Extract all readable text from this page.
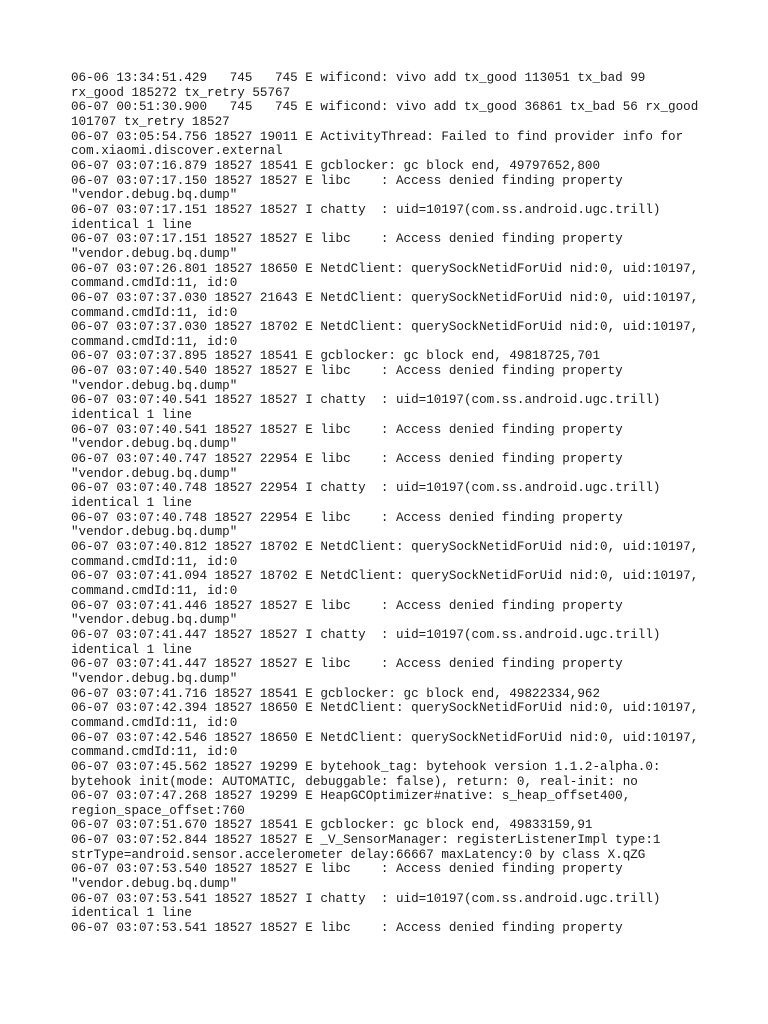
06-06 13:34:51.429   745   745 E wificond: vivo add tx_good 113051 tx_bad 99
rx_good 185272 tx_retry 55767
06-07 00:51:30.900   745   745 E wificond: vivo add tx_good 36861 tx_bad 56 rx_good
101707 tx_retry 18527
06-07 03:05:54.756 18527 19011 E ActivityThread: Failed to find provider info for
com.xiaomi.discover.external
06-07 03:07:16.879 18527 18541 E gcblocker: gc block end, 49797652,800
06-07 03:07:17.150 18527 18527 E libc    : Access denied finding property
"vendor.debug.bq.dump"
06-07 03:07:17.151 18527 18527 I chatty  : uid=10197(com.ss.android.ugc.trill)
identical 1 line
06-07 03:07:17.151 18527 18527 E libc    : Access denied finding property
"vendor.debug.bq.dump"
06-07 03:07:26.801 18527 18650 E NetdClient: querySockNetidForUid nid:0, uid:10197,
command.cmdId:11, id:0
06-07 03:07:37.030 18527 21643 E NetdClient: querySockNetidForUid nid:0, uid:10197,
command.cmdId:11, id:0
06-07 03:07:37.030 18527 18702 E NetdClient: querySockNetidForUid nid:0, uid:10197,
command.cmdId:11, id:0
06-07 03:07:37.895 18527 18541 E gcblocker: gc block end, 49818725,701
06-07 03:07:40.540 18527 18527 E libc    : Access denied finding property
"vendor.debug.bq.dump"
06-07 03:07:40.541 18527 18527 I chatty  : uid=10197(com.ss.android.ugc.trill)
identical 1 line
06-07 03:07:40.541 18527 18527 E libc    : Access denied finding property
"vendor.debug.bq.dump"
06-07 03:07:40.747 18527 22954 E libc    : Access denied finding property
"vendor.debug.bq.dump"
06-07 03:07:40.748 18527 22954 I chatty  : uid=10197(com.ss.android.ugc.trill)
identical 1 line
06-07 03:07:40.748 18527 22954 E libc    : Access denied finding property
"vendor.debug.bq.dump"
06-07 03:07:40.812 18527 18702 E NetdClient: querySockNetidForUid nid:0, uid:10197,
command.cmdId:11, id:0
06-07 03:07:41.094 18527 18702 E NetdClient: querySockNetidForUid nid:0, uid:10197,
command.cmdId:11, id:0
06-07 03:07:41.446 18527 18527 E libc    : Access denied finding property
"vendor.debug.bq.dump"
06-07 03:07:41.447 18527 18527 I chatty  : uid=10197(com.ss.android.ugc.trill)
identical 1 line
06-07 03:07:41.447 18527 18527 E libc    : Access denied finding property
"vendor.debug.bq.dump"
06-07 03:07:41.716 18527 18541 E gcblocker: gc block end, 49822334,962
06-07 03:07:42.394 18527 18650 E NetdClient: querySockNetidForUid nid:0, uid:10197,
command.cmdId:11, id:0
06-07 03:07:42.546 18527 18650 E NetdClient: querySockNetidForUid nid:0, uid:10197,
command.cmdId:11, id:0
06-07 03:07:45.562 18527 19299 E bytehook_tag: bytehook version 1.1.2-alpha.0:
bytehook init(mode: AUTOMATIC, debuggable: false), return: 0, real-init: no
06-07 03:07:47.268 18527 19299 E HeapGCOptimizer#native: s_heap_offset400,
region_space_offset:760
06-07 03:07:51.670 18527 18541 E gcblocker: gc block end, 49833159,91
06-07 03:07:52.844 18527 18527 E _V_SensorManager: registerListenerImpl type:1
strType=android.sensor.accelerometer delay:66667 maxLatency:0 by class X.qZG
06-07 03:07:53.540 18527 18527 E libc    : Access denied finding property
"vendor.debug.bq.dump"
06-07 03:07:53.541 18527 18527 I chatty  : uid=10197(com.ss.android.ugc.trill)
identical 1 line
06-07 03:07:53.541 18527 18527 E libc    : Access denied finding property
